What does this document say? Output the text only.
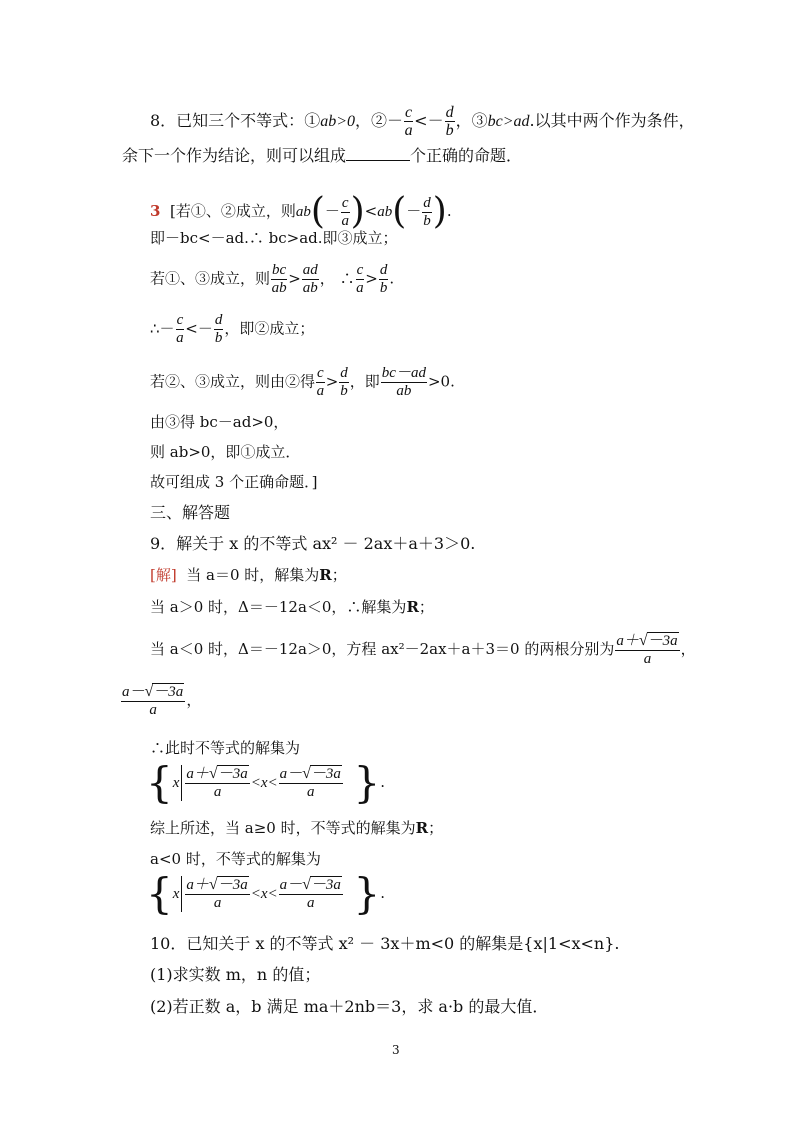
8．已知三个不等式：①ab>0，②－ $\frac{c}{a} <- \frac{d}{b}$ ，③bc>ad.以其中两个作为条件，
余下一个作为结论，则可以组成	个正确的命题．
3 [若①、②成立，则$ab(- \frac{c}{a} )<ab(- \frac{d}{b}$ ).
即－bc<－ad.∴ bc>ad.即③成立；
若①、③成立，则 $\frac{bc}{ab} > \frac{ad}{ab}$ ， ∴ $\frac{c}{a} > \frac{d}{b}$ .
∴－ $\frac{c}{a} <- \frac{d}{b}$ ，即②成立；
若②、③成立，则由②得 $\frac{c}{a} > \frac{d}{b}$ ，即 $\frac{bc-ad}{ab} >0$.
由③得 bc－ad>0，
则 ab>0，即①成立．
故可组成 3 个正确命题．]
三、解答题
9．解关于 x 的不等式 ax² － 2ax＋a＋3＞0.
[解] 当 a＝0 时，解集为R；
当 a＞0 时，Δ＝－12a＜0，∴解集为R；
当 a＜0 时，Δ＝－12a＞0，方程 ax²－2ax＋a＋3＝0 的两根分别为 $\frac{a+√-3a}{a}$ ，
$\frac{a-√-3a}{a}$ ，
∴此时不等式的解集为
{$x \frac{a+√-3a}{a} <x< \frac{a-√-3a}{a}$ }.
综上所述，当 a≥0 时，不等式的解集为R；
a<0 时，不等式的解集为
{$x \frac{a+√-3a}{a} <x< \frac{a-√-3a}{a}$ }.
10．已知关于 x 的不等式 x² － 3x＋m<0 的解集是{x|1<x<n}.
(1)求实数 m，n 的值；
(2)若正数 a，b 满足 ma＋2nb＝3，求 a·b 的最大值．
3
